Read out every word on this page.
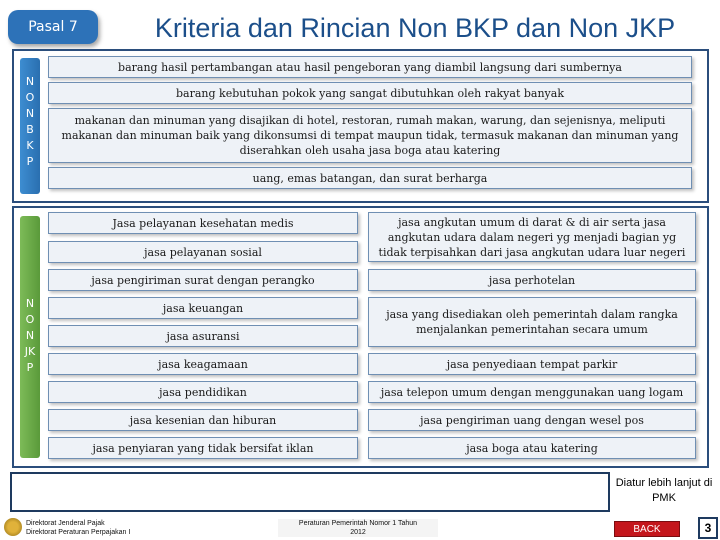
Kriteria dan Rincian Non BKP dan Non JKP
Pasal 7
N
O
N
B
K
P
barang hasil pertambangan atau hasil pengeboran yang diambil langsung dari sumbernya
barang kebutuhan pokok yang sangat dibutuhkan oleh rakyat banyak
makanan dan minuman yang disajikan di hotel, restoran, rumah makan, warung, dan sejenisnya, meliputi makanan dan minuman baik yang dikonsumsi di tempat maupun tidak, termasuk makanan dan minuman yang diserahkan oleh usaha jasa boga atau katering
uang, emas batangan, dan surat berharga
N
O
N
JK
P
Jasa pelayanan kesehatan medis
jasa pelayanan sosial
jasa pengiriman surat dengan perangko
jasa keuangan
jasa asuransi
jasa keagamaan
jasa pendidikan
jasa kesenian dan hiburan
jasa penyiaran yang tidak bersifat iklan
jasa angkutan umum di darat & di air serta jasa angkutan udara dalam negeri yg menjadi bagian yg tidak terpisahkan dari jasa angkutan udara luar negeri
jasa perhotelan
jasa yang disediakan oleh pemerintah dalam rangka menjalankan pemerintahan secara umum
jasa penyediaan tempat parkir
jasa telepon umum dengan menggunakan uang logam
jasa pengiriman uang dengan wesel pos
jasa boga atau katering
Diatur lebih lanjut di PMK
Direktorat Jenderal Pajak
Direktorat Peraturan Perpajakan I
Peraturan Pemerintah Nomor 1 Tahun
2012	BACK	3
